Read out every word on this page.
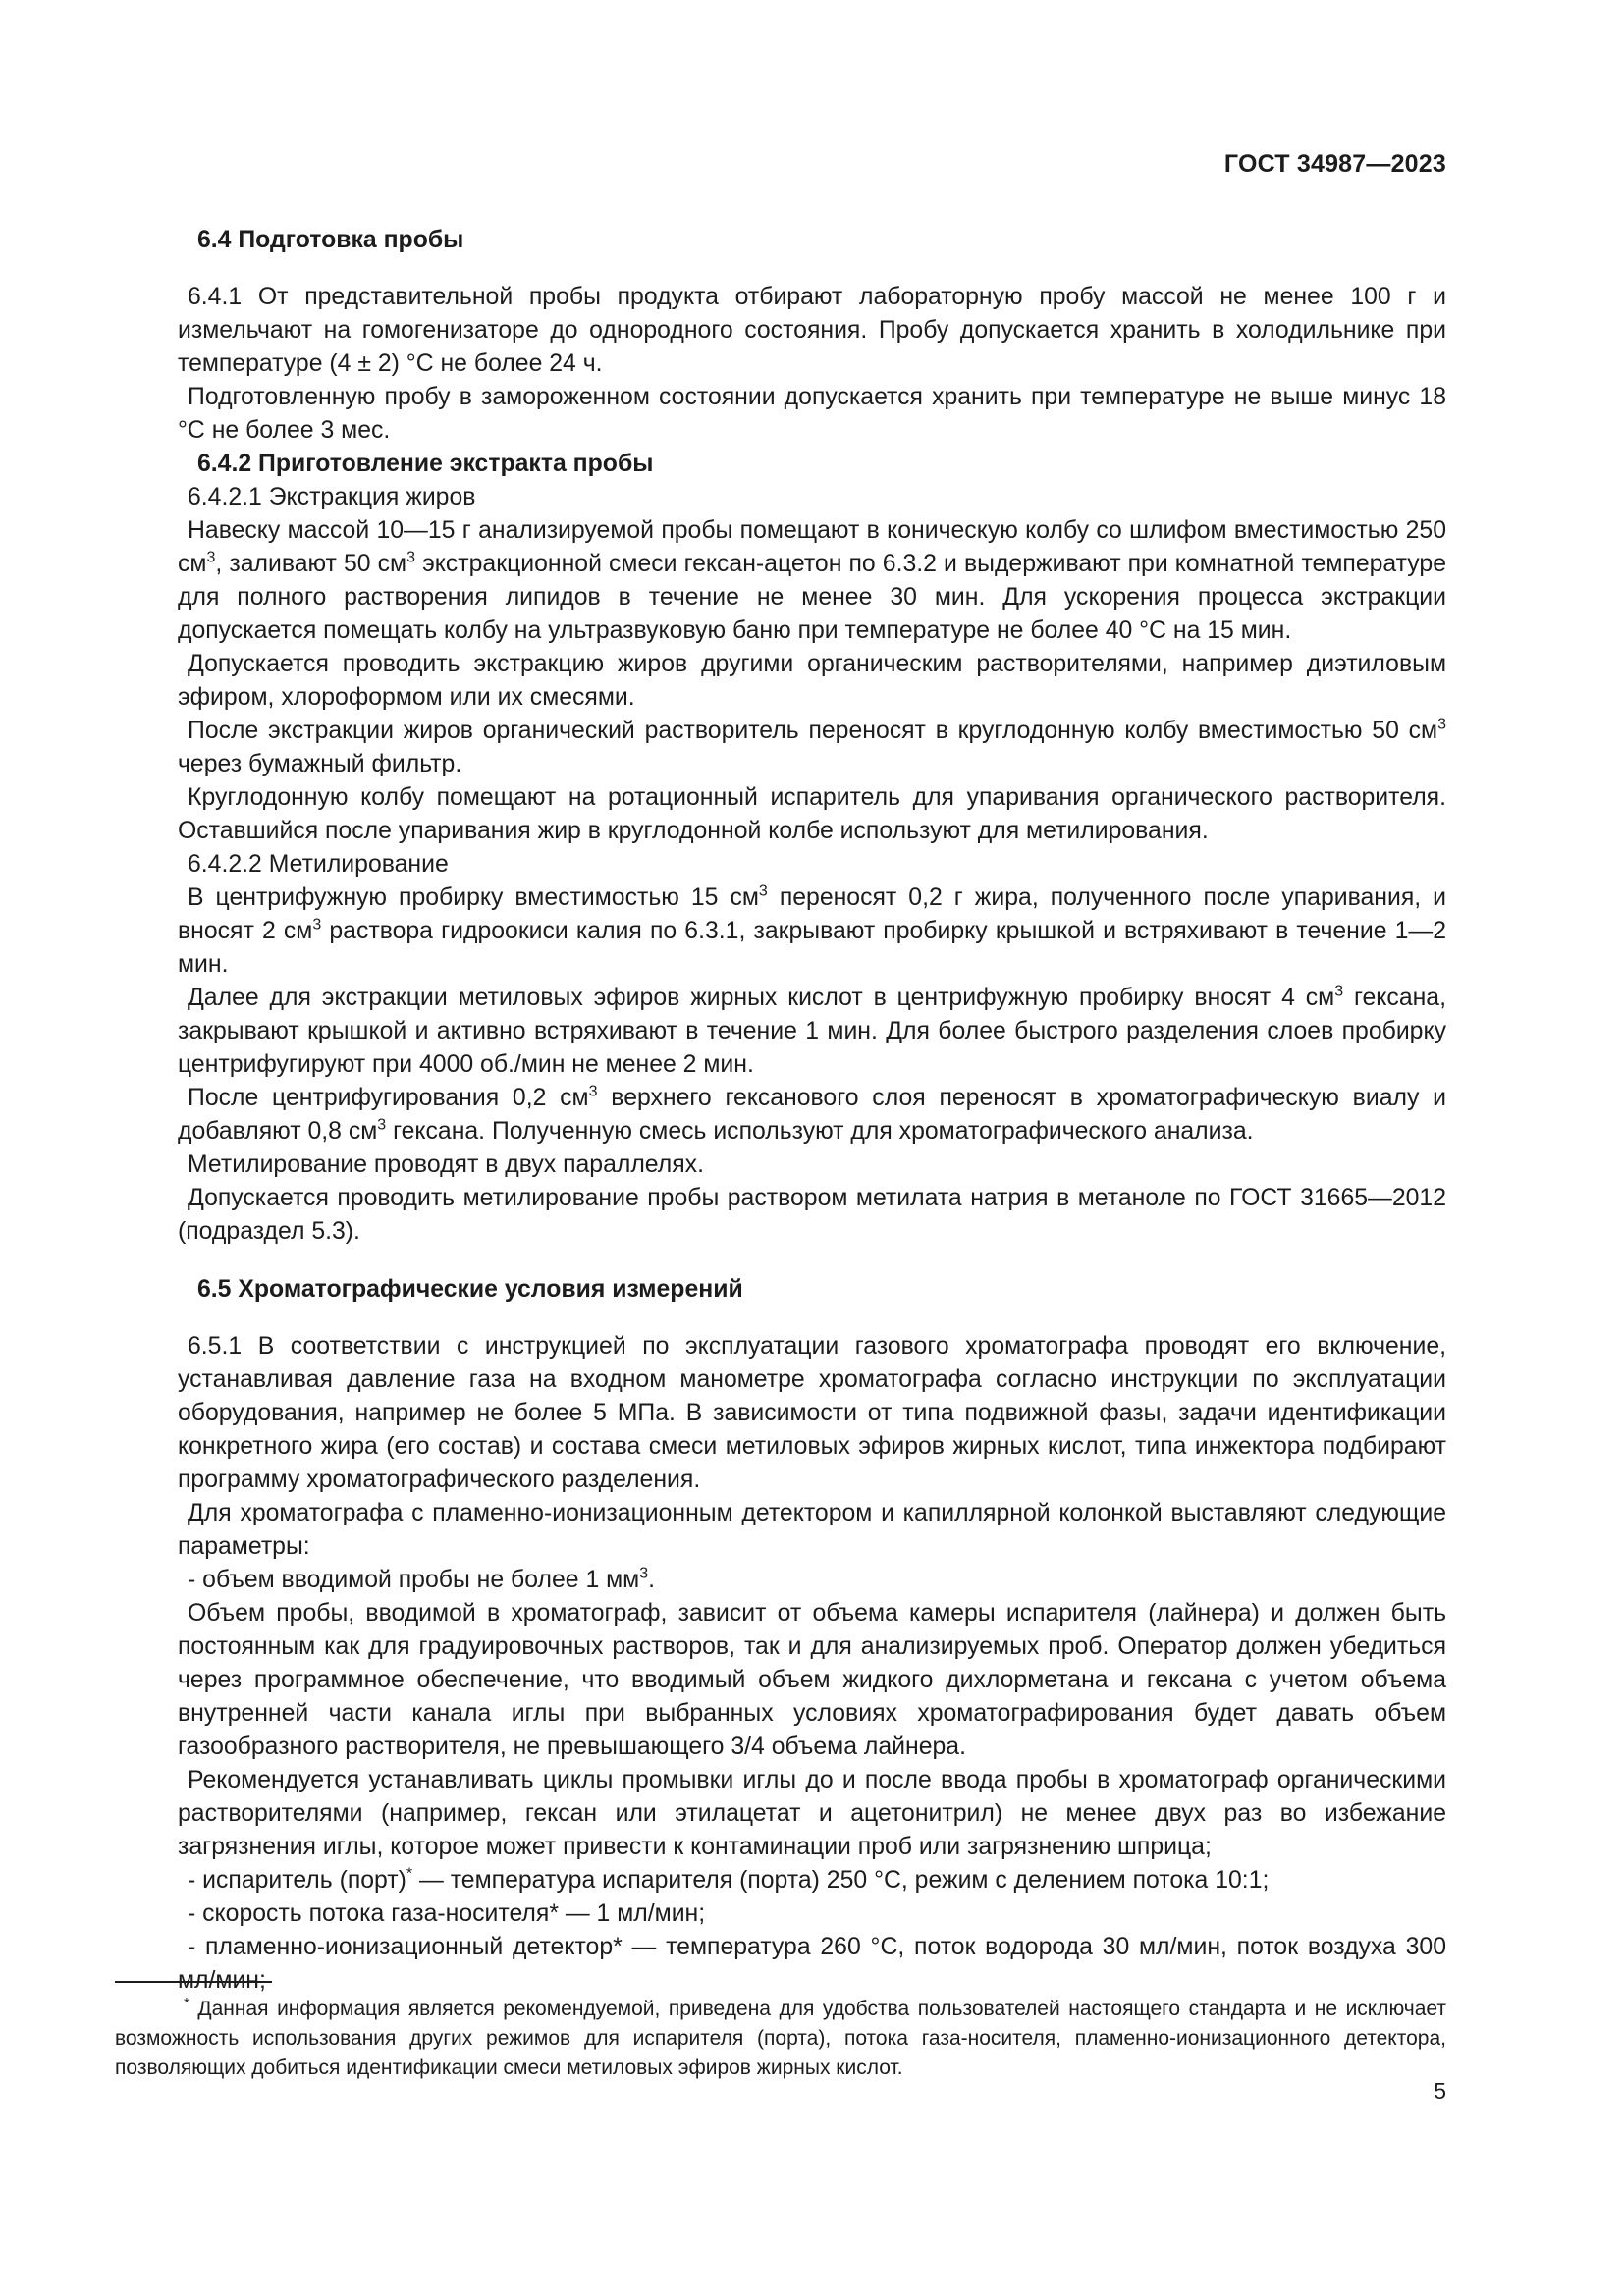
ГОСТ 34987—2023

6.4 Подготовка пробы

6.4.1 От представительной пробы продукта отбирают лабораторную пробу массой не менее 100 г и измельчают на гомогенизаторе до однородного состояния. Пробу допускается хранить в холодильнике при температуре (4 ± 2) °С не более 24 ч.

Подготовленную пробу в замороженном состоянии допускается хранить при температуре не выше минус 18 °С не более 3 мес.

6.4.2 Приготовление экстракта пробы

6.4.2.1 Экстракция жиров

Навеску массой 10—15 г анализируемой пробы помещают в коническую колбу со шлифом вместимостью 250 $см^3$, заливают 50 $см^3$ экстракционной смеси гексан-ацетон по 6.3.2 и выдерживают при комнатной температуре для полного растворения липидов в течение не менее 30 мин. Для ускорения процесса экстракции допускается помещать колбу на ультразвуковую баню при температуре не более 40 °С на 15 мин.

Допускается проводить экстракцию жиров другими органическим растворителями, например диэтиловым эфиром, хлороформом или их смесями.

После экстракции жиров органический растворитель переносят в круглодонную колбу вместимостью 50 $см^3$ через бумажный фильтр.

Круглодонную колбу помещают на ротационный испаритель для упаривания органического растворителя. Оставшийся после упаривания жир в круглодонной колбе используют для метилирования.

6.4.2.2 Метилирование

В центрифужную пробирку вместимостью 15 $см^3$ переносят 0,2 г жира, полученного после упаривания, и вносят 2 $см^3$ раствора гидроокиси калия по 6.3.1, закрывают пробирку крышкой и встряхивают в течение 1—2 мин.

Далее для экстракции метиловых эфиров жирных кислот в центрифужную пробирку вносят 4 $см^3$ гексана, закрывают крышкой и активно встряхивают в течение 1 мин. Для более быстрого разделения слоев пробирку центрифугируют при 4000 об./мин не менее 2 мин.

После центрифугирования 0,2 $см^3$ верхнего гексанового слоя переносят в хроматографическую виалу и добавляют 0,8 $см^3$ гексана. Полученную смесь используют для хроматографического анализа.

Метилирование проводят в двух параллелях.

Допускается проводить метилирование пробы раствором метилата натрия в метаноле по ГОСТ 31665—2012 (подраздел 5.3).

6.5 Хроматографические условия измерений

6.5.1 В соответствии с инструкцией по эксплуатации газового хроматографа проводят его включение, устанавливая давление газа на входном манометре хроматографа согласно инструкции по эксплуатации оборудования, например не более 5 МПа. В зависимости от типа подвижной фазы, задачи идентификации конкретного жира (его состав) и состава смеси метиловых эфиров жирных кислот, типа инжектора подбирают программу хроматографического разделения.

Для хроматографа с пламенно-ионизационным детектором и капиллярной колонкой выставляют следующие параметры:

- объем вводимой пробы не более 1 $мм^3$.

Объем пробы, вводимой в хроматограф, зависит от объема камеры испарителя (лайнера) и должен быть постоянным как для градуировочных растворов, так и для анализируемых проб. Оператор должен убедиться через программное обеспечение, что вводимый объем жидкого дихлорметана и гексана с учетом объема внутренней части канала иглы при выбранных условиях хроматографирования будет давать объем газообразного растворителя, не превышающего 3/4 объема лайнера.

Рекомендуется устанавливать циклы промывки иглы до и после ввода пробы в хроматограф органическими растворителями (например, гексан или этилацетат и ацетонитрил) не менее двух раз во избежание загрязнения иглы, которое может привести к контаминации проб или загрязнению шприца;

- испаритель (порт)* — температура испарителя (порта) 250 °С, режим с делением потока 10:1;

- скорость потока газа-носителя* — 1 мл/мин;

- пламенно-ионизационный детектор* — температура 260 °С, поток водорода 30 мл/мин, поток воздуха 300 мл/мин;

* Данная информация является рекомендуемой, приведена для удобства пользователей настоящего стандарта и не исключает возможность использования других режимов для испарителя (порта), потока газа-носителя, пламенно-ионизационного детектора, позволяющих добиться идентификации смеси метиловых эфиров жирных кислот.
5
